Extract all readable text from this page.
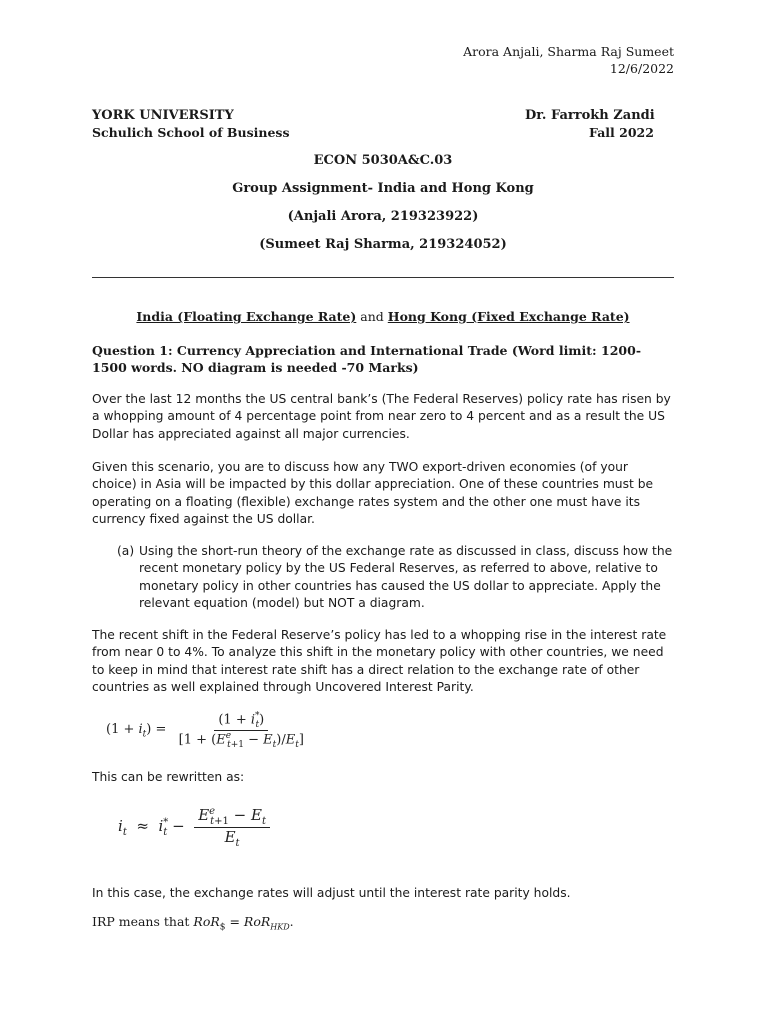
Arora Anjali, Sharma Raj Sumeet
12/6/2022
YORK UNIVERSITY
Schulich School of Business
Dr. Farrokh Zandi
Fall 2022
ECON 5030A&C.03
Group Assignment- India and Hong Kong
(Anjali Arora, 219323922)
(Sumeet Raj Sharma, 219324052)
India (Floating Exchange Rate) and Hong Kong (Fixed Exchange Rate)
Question 1: Currency Appreciation and International Trade (Word limit: 1200- 1500 words. NO diagram is needed -70 Marks)
Over the last 12 months the US central bank’s (The Federal Reserves) policy rate has risen by a whopping amount of 4 percentage point from near zero to 4 percent and as a result the US Dollar has appreciated against all major currencies.
Given this scenario, you are to discuss how any TWO export-driven economies (of your choice) in Asia will be impacted by this dollar appreciation. One of these countries must be operating on a floating (flexible) exchange rates system and the other one must have its currency fixed against the US dollar.
(a) Using the short-run theory of the exchange rate as discussed in class, discuss how the recent monetary policy by the US Federal Reserves, as referred to above, relative to monetary policy in other countries has caused the US dollar to appreciate. Apply the relevant equation (model) but NOT a diagram.
The recent shift in the Federal Reserve’s policy has led to a whopping rise in the interest rate from near 0 to 4%. To analyze this shift in the monetary policy with other countries, we need to keep in mind that interest rate shift has a direct relation to the exchange rate of other countries as well explained through Uncovered Interest Parity.
$(1 + i_t) = \frac{(1 + i^*_t)}{[1 + (E^e_{t+1} - E_t)/E_t]}$
This can be rewritten as:
$i_t \approx i^*_t - \frac{E^e_{t+1} - E_t}{E_t}$
In this case, the exchange rates will adjust until the interest rate parity holds.
IRP means that RoR$_{\$}$ = RoR$_{HKD}$.
